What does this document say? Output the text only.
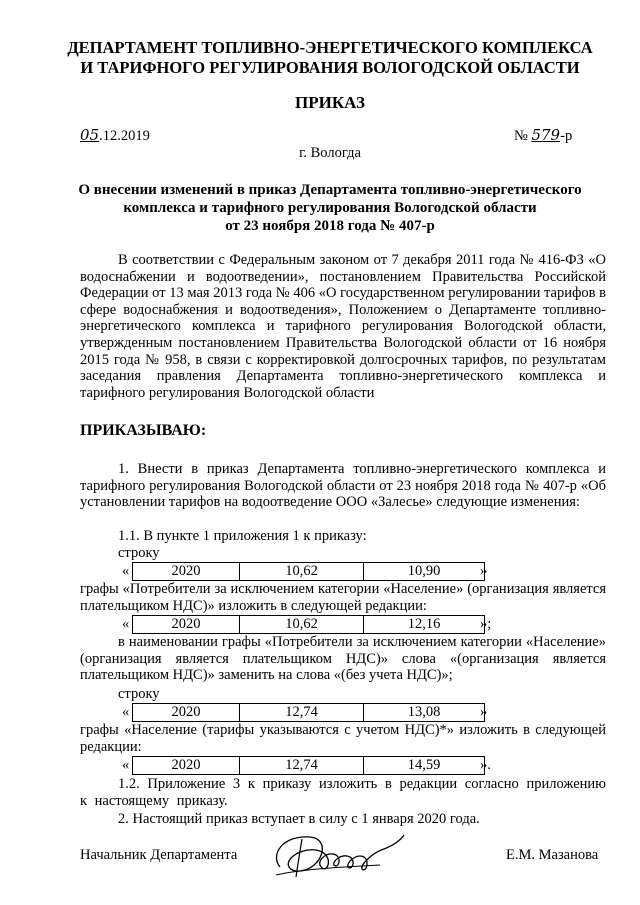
ДЕПАРТАМЕНТ ТОПЛИВНО-ЭНЕРГЕТИЧЕСКОГО КОМПЛЕКСА
И ТАРИФНОГО РЕГУЛИРОВАНИЯ ВОЛОГОДСКОЙ ОБЛАСТИ
ПРИКАЗ
05.12.2019	№ 579-р
г. Вологда
О внесении изменений в приказ Департамента топливно-энергетического
комплекса и тарифного регулирования Вологодской области
от 23 ноября 2018 года № 407-р
В соответствии с Федеральным законом от 7 декабря 2011 года № 416-ФЗ «О водоснабжении и водоотведении», постановлением Правительства Российской Федерации от 13 мая 2013 года № 406 «О государственном регулировании тарифов в сфере водоснабжения и водоотведения», Положением о Департаменте топливно-энергетического комплекса и тарифного регулирования Вологодской области, утвержденным постановлением Правительства Вологодской области от 16 ноября 2015 года № 958, в связи с корректировкой долгосрочных тарифов, по результатам заседания правления Департамента топливно-энергетического комплекса и тарифного регулирования Вологодской области
ПРИКАЗЫВАЮ:
1. Внести в приказ Департамента топливно-энергетического комплекса и тарифного регулирования Вологодской области от 23 ноября 2018 года № 407-р «Об установлении тарифов на водоотведение ООО «Залесье» следующие изменения:
1.1. В пункте 1 приложения 1 к приказу:
строку
«	2020	10,62	10,90	»
графы «Потребители за исключением категории «Население» (организация является плательщиком НДС)» изложить в следующей редакции:
«	2020	10,62	12,16	»;
в наименовании графы «Потребители за исключением категории «Население» (организация является плательщиком НДС)» слова «(организация является плательщиком НДС)» заменить на слова «(без учета НДС)»;
строку
«	2020	12,74	13,08	»
графы «Население (тарифы указываются с учетом НДС)*» изложить в следующей редакции:
«	2020	12,74	14,59	».
1.2. Приложение 3 к приказу изложить в редакции согласно приложению к настоящему приказу.
2. Настоящий приказ вступает в силу с 1 января 2020 года.
Начальник Департамента	Е.М. Мазанова
